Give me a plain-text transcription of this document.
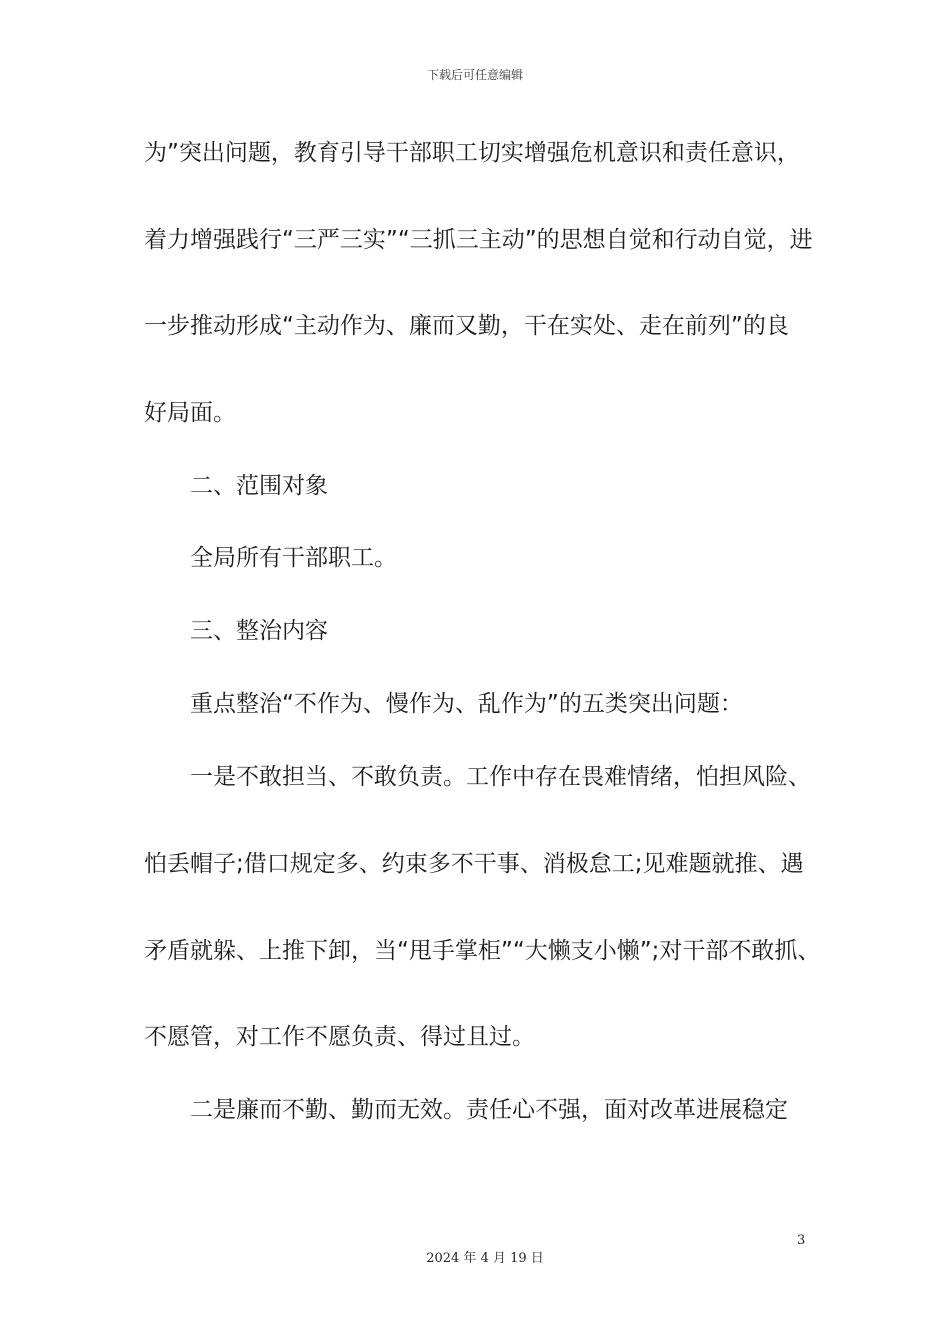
下载后可任意编辑
为”突出问题，教育引导干部职工切实增强危机意识和责任意识，
着力增强践行“三严三实”“三抓三主动”的思想自觉和行动自觉，进
一步推动形成“主动作为、廉而又勤，干在实处、走在前列”的良
好局面。
二、范围对象
全局所有干部职工。
三、整治内容
重点整治“不作为、慢作为、乱作为”的五类突出问题：
一是不敢担当、不敢负责。工作中存在畏难情绪，怕担风险、
怕丢帽子;借口规定多、约束多不干事、消极怠工;见难题就推、遇
矛盾就躲、上推下卸，当“甩手掌柜”“大懒支小懒”;对干部不敢抓、
不愿管，对工作不愿负责、得过且过。
二是廉而不勤、勤而无效。责任心不强，面对改革进展稳定
3
2024 年 4 月 19 日
